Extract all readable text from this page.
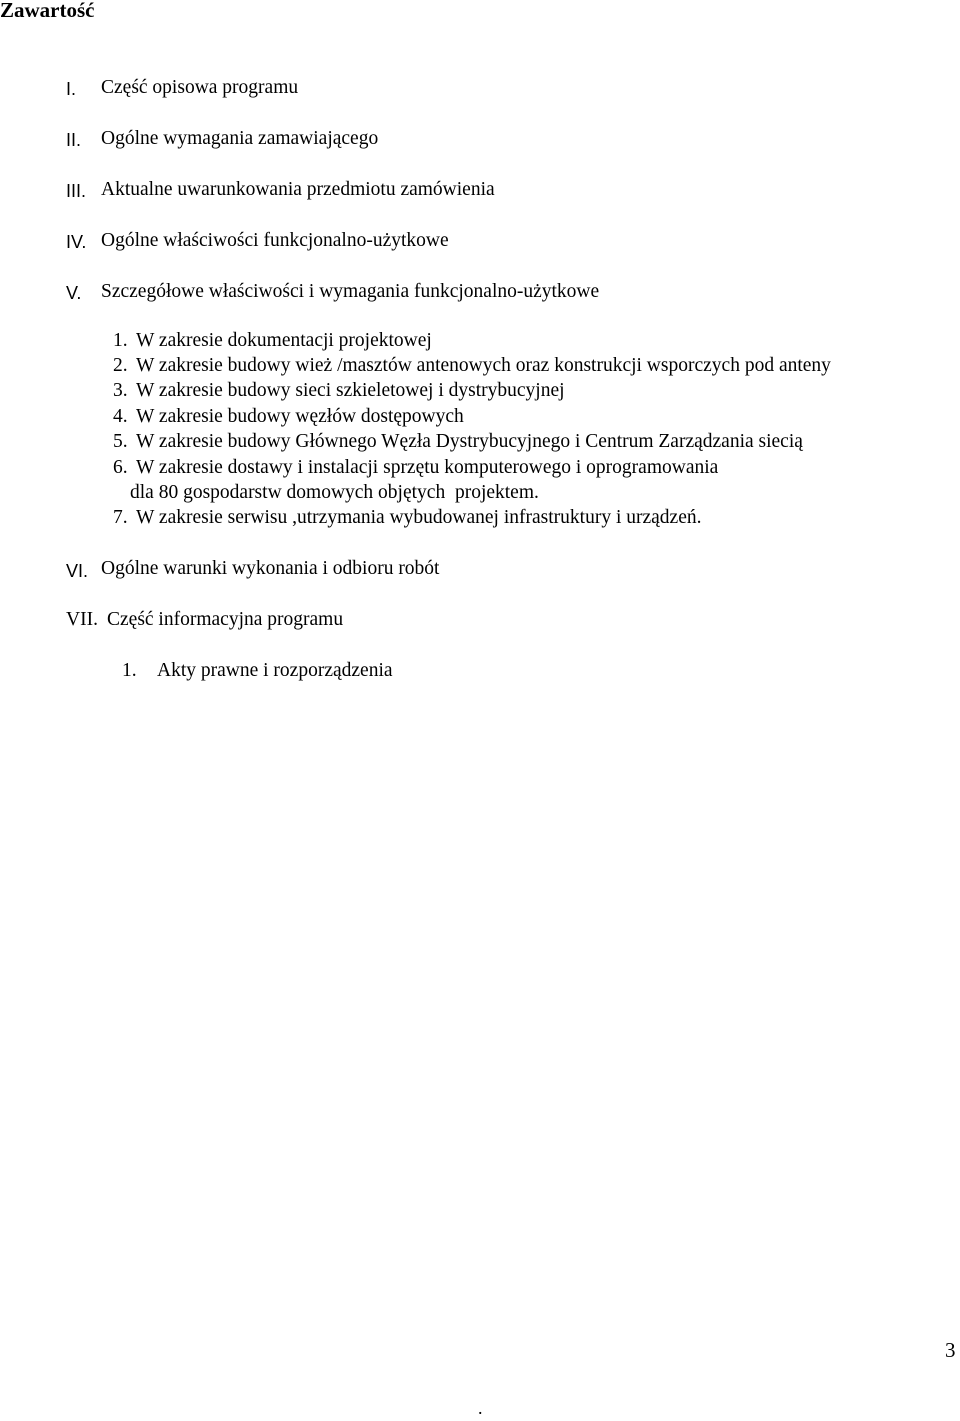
Zawartość
I. Część opisowa programu
II. Ogólne wymagania zamawiającego
III. Aktualne uwarunkowania przedmiotu zamówienia
IV. Ogólne właściwości funkcjonalno-użytkowe
V. Szczegółowe właściwości i wymagania funkcjonalno-użytkowe
1. W zakresie dokumentacji projektowej
2. W zakresie budowy wież /masztów antenowych oraz konstrukcji wsporczych pod anteny
3. W zakresie budowy sieci szkieletowej i dystrybucyjnej
4. W zakresie budowy węzłów dostępowych
5. W zakresie budowy Głównego Węzła Dystrybucyjnego i Centrum Zarządzania siecią
6. W zakresie dostawy i instalacji sprzętu komputerowego i oprogramowania
dla 80 gospodarstw domowych objętych  projektem.
7. W zakresie serwisu ,utrzymania wybudowanej infrastruktury i urządzeń.
VI. Ogólne warunki wykonania i odbioru robót
VII. Część informacyjna programu
1. Akty prawne i rozporządzenia
3
.
